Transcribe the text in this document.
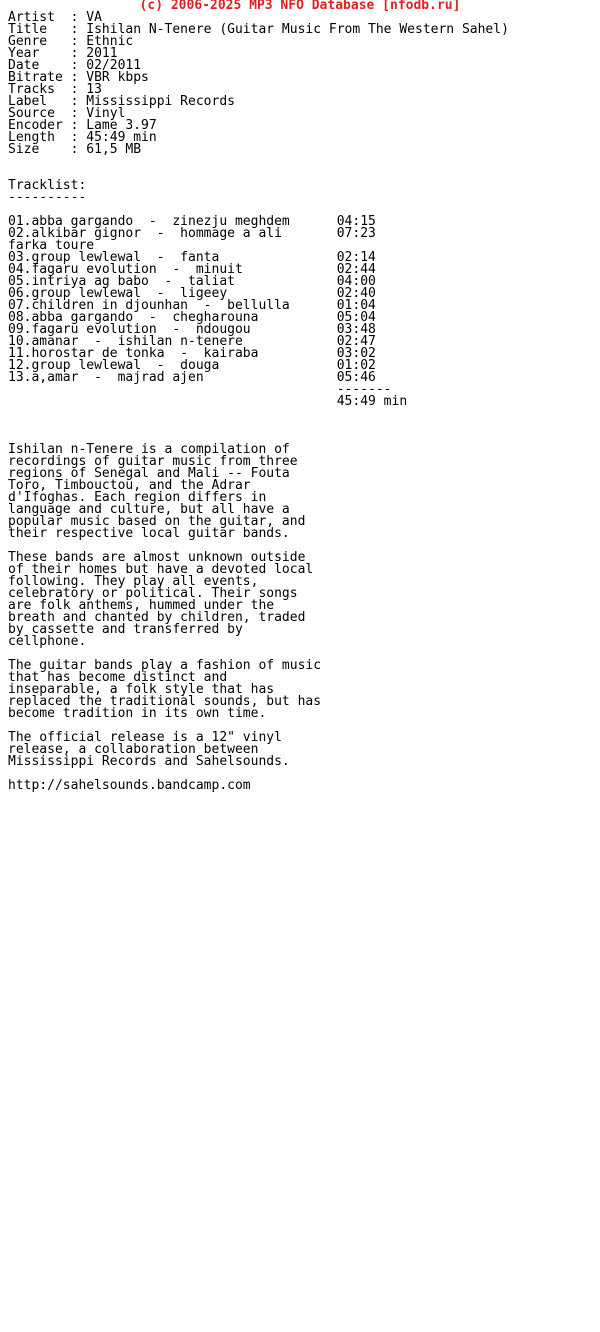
(c) 2006-2025 MP3 NFO Database [nfodb.ru]
Artist  : VA
Title   : Ishilan N-Tenere (Guitar Music From The Western Sahel)
Genre   : Ethnic
Year    : 2011
Date    : 02/2011
Bitrate : VBR kbps
Tracks  : 13
Label   : Mississippi Records
Source  : Vinyl
Encoder : Lame 3.97
Length  : 45:49 min
Size    : 61,5 MB
Tracklist:
----------
01.abba gargando  -  zinezju meghdem      04:15
02.alkibar gignor  -  hommage a ali       07:23
farka toure
03.group lewlewal  -  fanta               02:14
04.fagaru evolution  -  minuit            02:44
05.intriya ag babo  -  taliat             04:00
06.group lewlewal  -  ligeey              02:40
07.children in djounhan  -  bellulla      01:04
08.abba gargando  -  chegharouna          05:04
09.fagaru evolution  -  ndougou           03:48
10.amanar  -  ishilan n-tenere            02:47
11.horostar de tonka  -  kairaba          03:02
12.group lewlewal  -  douga               01:02
13.a,amar  -  majrad ajen                 05:46
-------
45:49 min
Ishilan n-Tenere is a compilation of
recordings of guitar music from three
regions of Senegal and Mali -- Fouta
Toro, Timbouctou, and the Adrar
d'Ifoghas. Each region differs in
language and culture, but all have a
popular music based on the guitar, and
their respective local guitar bands.
These bands are almost unknown outside
of their homes but have a devoted local
following. They play all events,
celebratory or political. Their songs
are folk anthems, hummed under the
breath and chanted by children, traded
by cassette and transferred by
cellphone.
The guitar bands play a fashion of music
that has become distinct and
inseparable, a folk style that has
replaced the traditional sounds, but has
become tradition in its own time.
The official release is a 12" vinyl
release, a collaboration between
Mississippi Records and Sahelsounds.
http://sahelsounds.bandcamp.com
